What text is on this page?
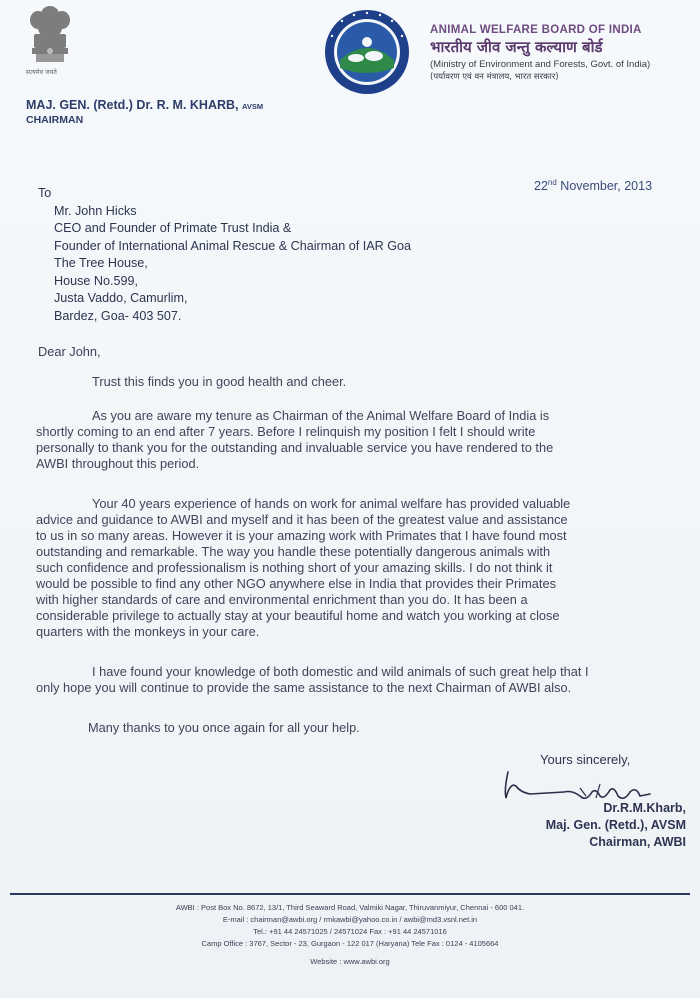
सत्यमेव जयते
ANIMAL WELFARE BOARD OF INDIA
भारतीय जीव जन्तु कल्याण बोर्ड
(Ministry of Environment and Forests, Govt. of India)
(पर्यावरण एवं वन मंत्रालय, भारत सरकार)
MAJ. GEN. (Retd.) Dr. R. M. KHARB, AVSM
CHAIRMAN
22nd November, 2013
To
Mr. John Hicks
CEO and Founder of Primate Trust India &
Founder of International Animal Rescue & Chairman of IAR Goa
The Tree House,
House No.599,
Justa Vaddo, Camurlim,
Bardez, Goa- 403 507.
Dear John,
Trust this finds you in good health and cheer.
As you are aware my tenure as Chairman of the Animal Welfare Board of India is
shortly coming to an end after 7 years. Before I relinquish my position I felt I should write
personally to thank you for the outstanding and invaluable service you have rendered to the
AWBI throughout this period.
Your 40 years experience of hands on work for animal welfare has provided valuable
advice and guidance to AWBI and myself and it has been of the greatest value and assistance
to us in so many areas. However it is your amazing work with Primates that I have found most
outstanding and remarkable. The way you handle these potentially dangerous animals with
such confidence and professionalism is nothing short of your amazing skills. I do not think it
would be possible to find any other NGO anywhere else in India that provides their Primates
with higher standards of care and environmental enrichment than you do. It has been a
considerable privilege to actually stay at your beautiful home and watch you working at close
quarters with the monkeys in your care.
I have found your knowledge of both domestic and wild animals of such great help that I
only hope you will continue to provide the same assistance to the next Chairman of AWBI also.
Many thanks to you once again for all your help.
Yours sincerely,
Dr.R.M.Kharb,
Maj. Gen. (Retd.), AVSM
Chairman, AWBI
AWBI : Post Box No. 8672, 13/1, Third Seaward Road, Valmiki Nagar, Thiruvanmiyur, Chennai - 600 041.
E-mail : chairman@awbi.org / rmkawbi@yahoo.co.in / awbi@md3.vsnl.net.in
Tel.: +91 44 24571025 / 24571024 Fax : +91 44 24571016
Camp Office : 3767, Sector - 23, Gurgaon - 122 017 (Haryana) Tele Fax : 0124 - 4105664
Website : www.awbi.org
